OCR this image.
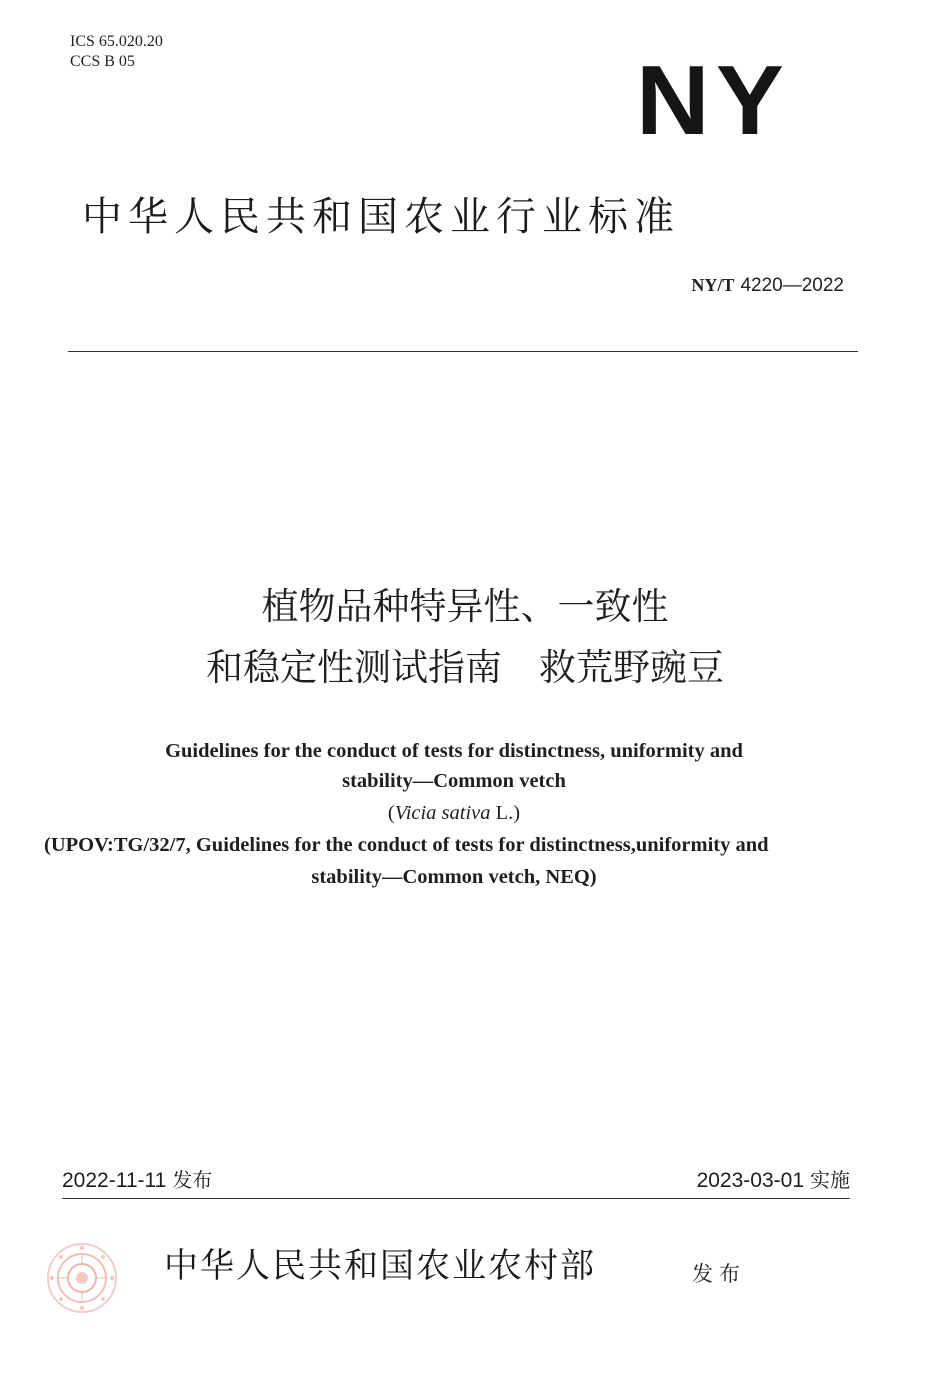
ICS 65.020.20
CCS B 05	NY
中华人民共和国农业行业标准
NY/T 4220—2022
植物品种特异性、一致性
和稳定性测试指南　救荒野豌豆
Guidelines for the conduct of tests for distinctness, uniformity and
stability—Common vetch
(Vicia sativa L.)
(UPOV:TG/32/7, Guidelines for the conduct of tests for distinctness,uniformity and
stability—Common vetch, NEQ)
2022-11-11 发布	2023-03-01 实施
中华人民共和国农业农村部	发布
